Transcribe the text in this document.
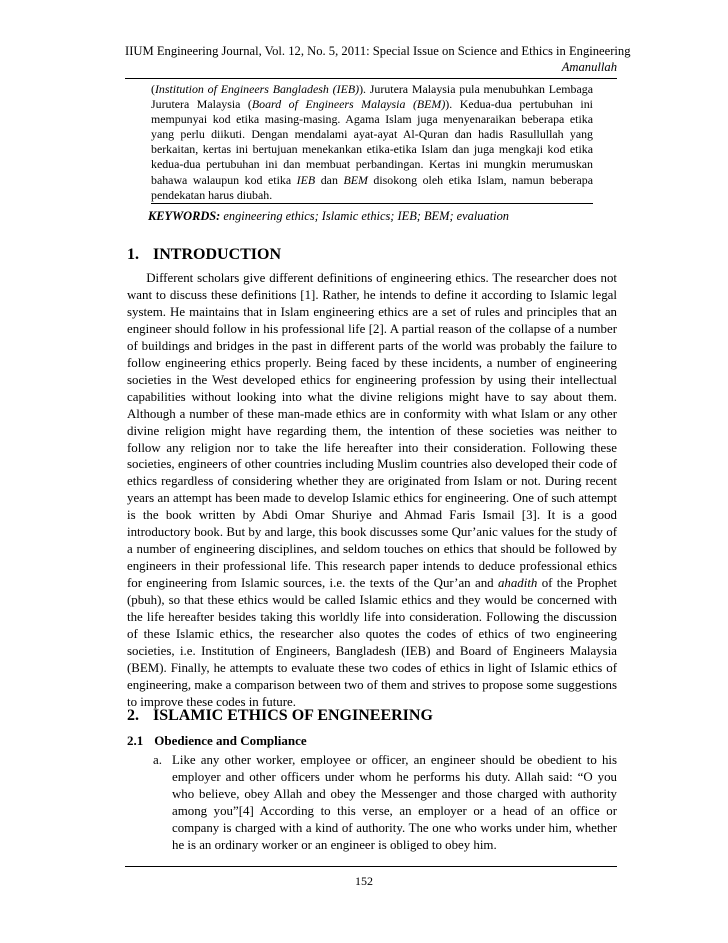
IIUM Engineering Journal, Vol. 12, No. 5, 2011: Special Issue on Science and Ethics in Engineering
Amanullah

(Institution of Engineers Bangladesh (IEB)). Jurutera Malaysia pula menubuhkan Lembaga Jurutera Malaysia (Board of Engineers Malaysia (BEM)). Kedua-dua pertubuhan ini mempunyai kod etika masing-masing. Agama Islam juga menyenaraikan beberapa etika yang perlu diikuti. Dengan mendalami ayat-ayat Al-Quran dan hadis Rasullullah yang berkaitan, kertas ini bertujuan menekankan etika-etika Islam dan juga mengkaji kod etika kedua-dua pertubuhan ini dan membuat perbandingan. Kertas ini mungkin merumuskan bahawa walaupun kod etika IEB dan BEM disokong oleh etika Islam, namun beberapa pendekatan harus diubah.

KEYWORDS: engineering ethics; Islamic ethics; IEB; BEM; evaluation
1. INTRODUCTION

Different scholars give different definitions of engineering ethics. The researcher does not want to discuss these definitions [1]. Rather, he intends to define it according to Islamic legal system. He maintains that in Islam engineering ethics are a set of rules and principles that an engineer should follow in his professional life [2]. A partial reason of the collapse of a number of buildings and bridges in the past in different parts of the world was probably the failure to follow engineering ethics properly. Being faced by these incidents, a number of engineering societies in the West developed ethics for engineering profession by using their intellectual capabilities without looking into what the divine religions might have to say about them. Although a number of these man-made ethics are in conformity with what Islam or any other divine religion might have regarding them, the intention of these societies was neither to follow any religion nor to take the life hereafter into their consideration. Following these societies, engineers of other countries including Muslim countries also developed their code of ethics regardless of considering whether they are originated from Islam or not. During recent years an attempt has been made to develop Islamic ethics for engineering. One of such attempt is the book written by Abdi Omar Shuriye and Ahmad Faris Ismail [3]. It is a good introductory book. But by and large, this book discusses some Qur’anic values for the study of a number of engineering disciplines, and seldom touches on ethics that should be followed by engineers in their professional life. This research paper intends to deduce professional ethics for engineering from Islamic sources, i.e. the texts of the Qur’an and ahadith of the Prophet (pbuh), so that these ethics would be called Islamic ethics and they would be concerned with the life hereafter besides taking this worldly life into consideration. Following the discussion of these Islamic ethics, the researcher also quotes the codes of ethics of two engineering societies, i.e. Institution of Engineers, Bangladesh (IEB) and Board of Engineers Malaysia (BEM). Finally, he attempts to evaluate these two codes of ethics in light of Islamic ethics of engineering, make a comparison between two of them and strives to propose some suggestions to improve these codes in future.

2. ISLAMIC ETHICS OF ENGINEERING

2.1 Obedience and Compliance

a. Like any other worker, employee or officer, an engineer should be obedient to his employer and other officers under whom he performs his duty. Allah said: “O you who believe, obey Allah and obey the Messenger and those charged with authority among you”[4] According to this verse, an employer or a head of an office or company is charged with a kind of authority. The one who works under him, whether he is an ordinary worker or an engineer is obliged to obey him.
152
